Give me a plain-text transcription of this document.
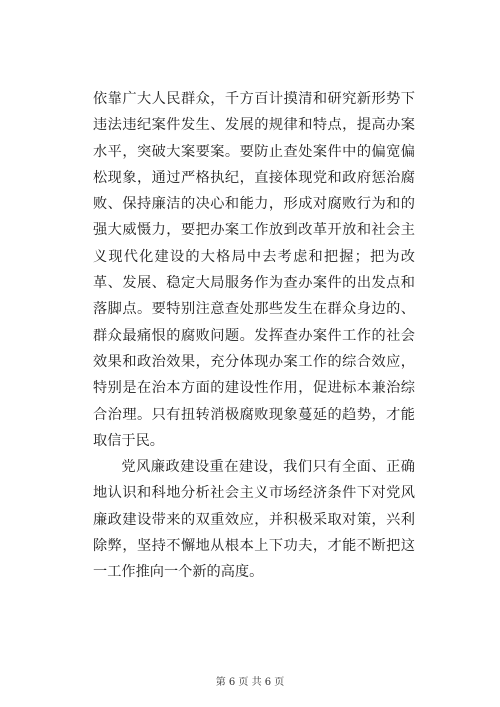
依靠广大人民群众，千方百计摸清和研究新形势下违法违纪案件发生、发展的规律和特点，提高办案水平，突破大案要案。要防止查处案件中的偏宽偏松现象，通过严格执纪，直接体现党和政府惩治腐败、保持廉洁的决心和能力，形成对腐败行为和的强大威慑力，要把办案工作放到改革开放和社会主义现代化建设的大格局中去考虑和把握；把为改革、发展、稳定大局服务作为查办案件的出发点和落脚点。要特别注意查处那些发生在群众身边的、群众最痛恨的腐败问题。发挥查办案件工作的社会效果和政治效果，充分体现办案工作的综合效应，特别是在治本方面的建设性作用，促进标本兼治综合治理。只有扭转消极腐败现象蔓延的趋势，才能取信于民。

党风廉政建设重在建设，我们只有全面、正确地认识和科地分析社会主义市场经济条件下对党风廉政建设带来的双重效应，并积极采取对策，兴利除弊，坚持不懈地从根本上下功夫，才能不断把这一工作推向一个新的高度。

第 6 页 共 6 页
